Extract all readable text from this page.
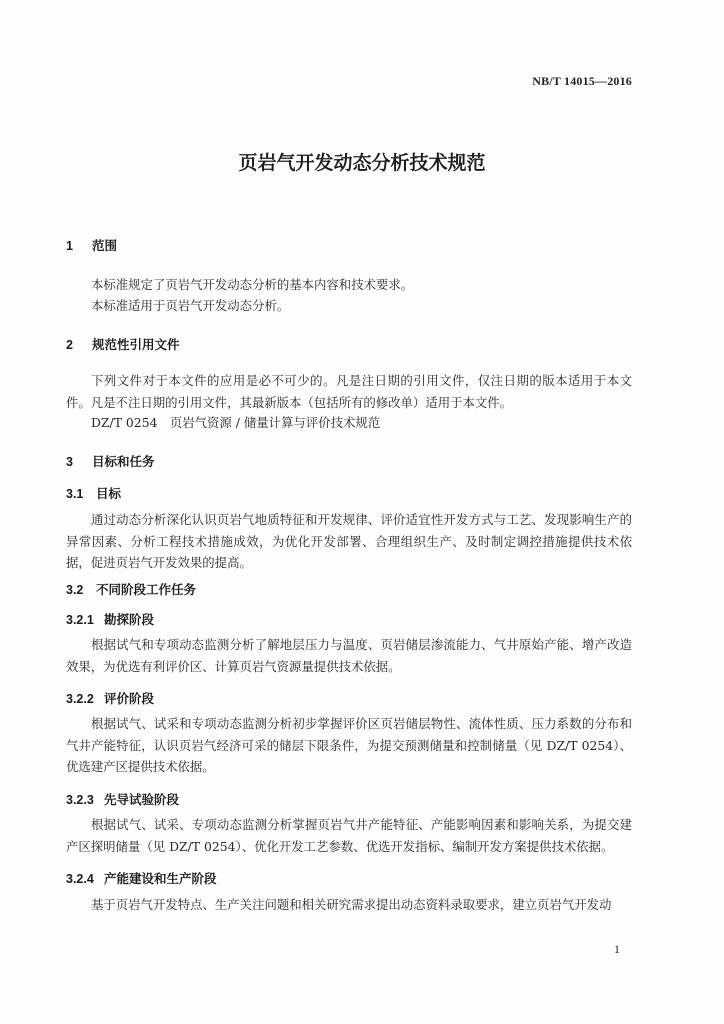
NB/T 14015—2016
页岩气开发动态分析技术规范
1 范围
本标准规定了页岩气开发动态分析的基本内容和技术要求。
本标准适用于页岩气开发动态分析。
2 规范性引用文件
下列文件对于本文件的应用是必不可少的。凡是注日期的引用文件，仅注日期的版本适用于本文件。凡是不注日期的引用文件，其最新版本（包括所有的修改单）适用于本文件。
DZ/T 0254　页岩气资源 / 储量计算与评价技术规范
3 目标和任务
3.1 目标
通过动态分析深化认识页岩气地质特征和开发规律、评价适宜性开发方式与工艺、发现影响生产的异常因素、分析工程技术措施成效，为优化开发部署、合理组织生产、及时制定调控措施提供技术依据，促进页岩气开发效果的提高。
3.2 不同阶段工作任务
3.2.1 勘探阶段
根据试气和专项动态监测分析了解地层压力与温度、页岩储层渗流能力、气井原始产能、增产改造效果，为优选有利评价区、计算页岩气资源量提供技术依据。
3.2.2 评价阶段
根据试气、试采和专项动态监测分析初步掌握评价区页岩储层物性、流体性质、压力系数的分布和气井产能特征，认识页岩气经济可采的储层下限条件，为提交预测储量和控制储量（见 DZ/T 0254）、优选建产区提供技术依据。
3.2.3 先导试验阶段
根据试气、试采、专项动态监测分析掌握页岩气井产能特征、产能影响因素和影响关系，为提交建产区探明储量（见 DZ/T 0254）、优化开发工艺参数、优选开发指标、编制开发方案提供技术依据。
3.2.4 产能建设和生产阶段
基于页岩气开发特点、生产关注问题和相关研究需求提出动态资料录取要求，建立页岩气开发动
1
